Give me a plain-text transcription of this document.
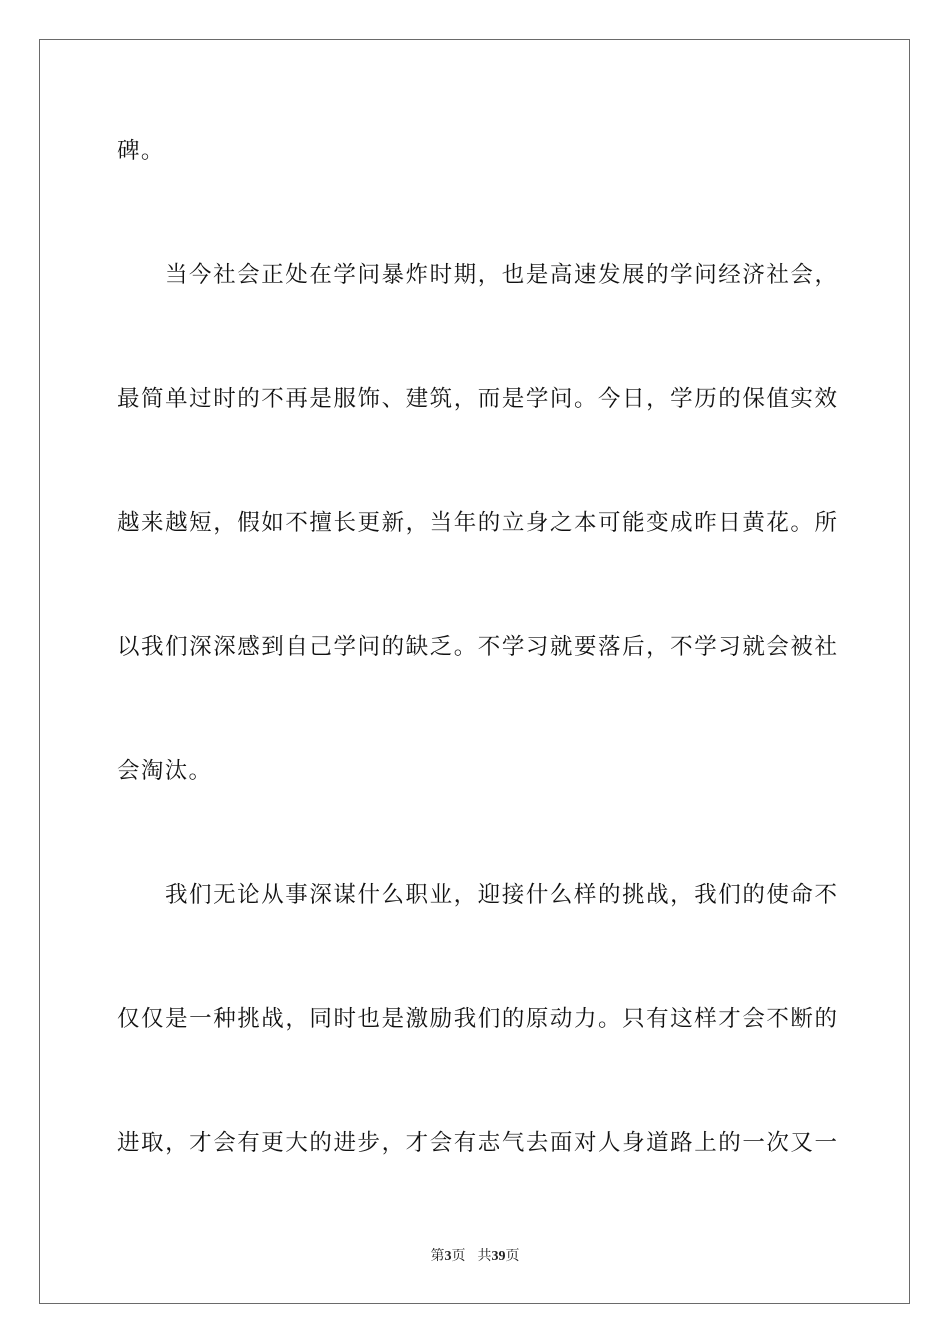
碑。
当今社会正处在学问暴炸时期，也是高速发展的学问经济社会，
最简单过时的不再是服饰、建筑，而是学问。今日，学历的保值实效
越来越短，假如不擅长更新，当年的立身之本可能变成昨日黄花。所
以我们深深感到自己学问的缺乏。不学习就要落后，不学习就会被社
会淘汰。
我们无论从事深谋什么职业，迎接什么样的挑战，我们的使命不
仅仅是一种挑战，同时也是激励我们的原动力。只有这样才会不断的
进取，才会有更大的进步，才会有志气去面对人身道路上的一次又一
第3页 共39页
